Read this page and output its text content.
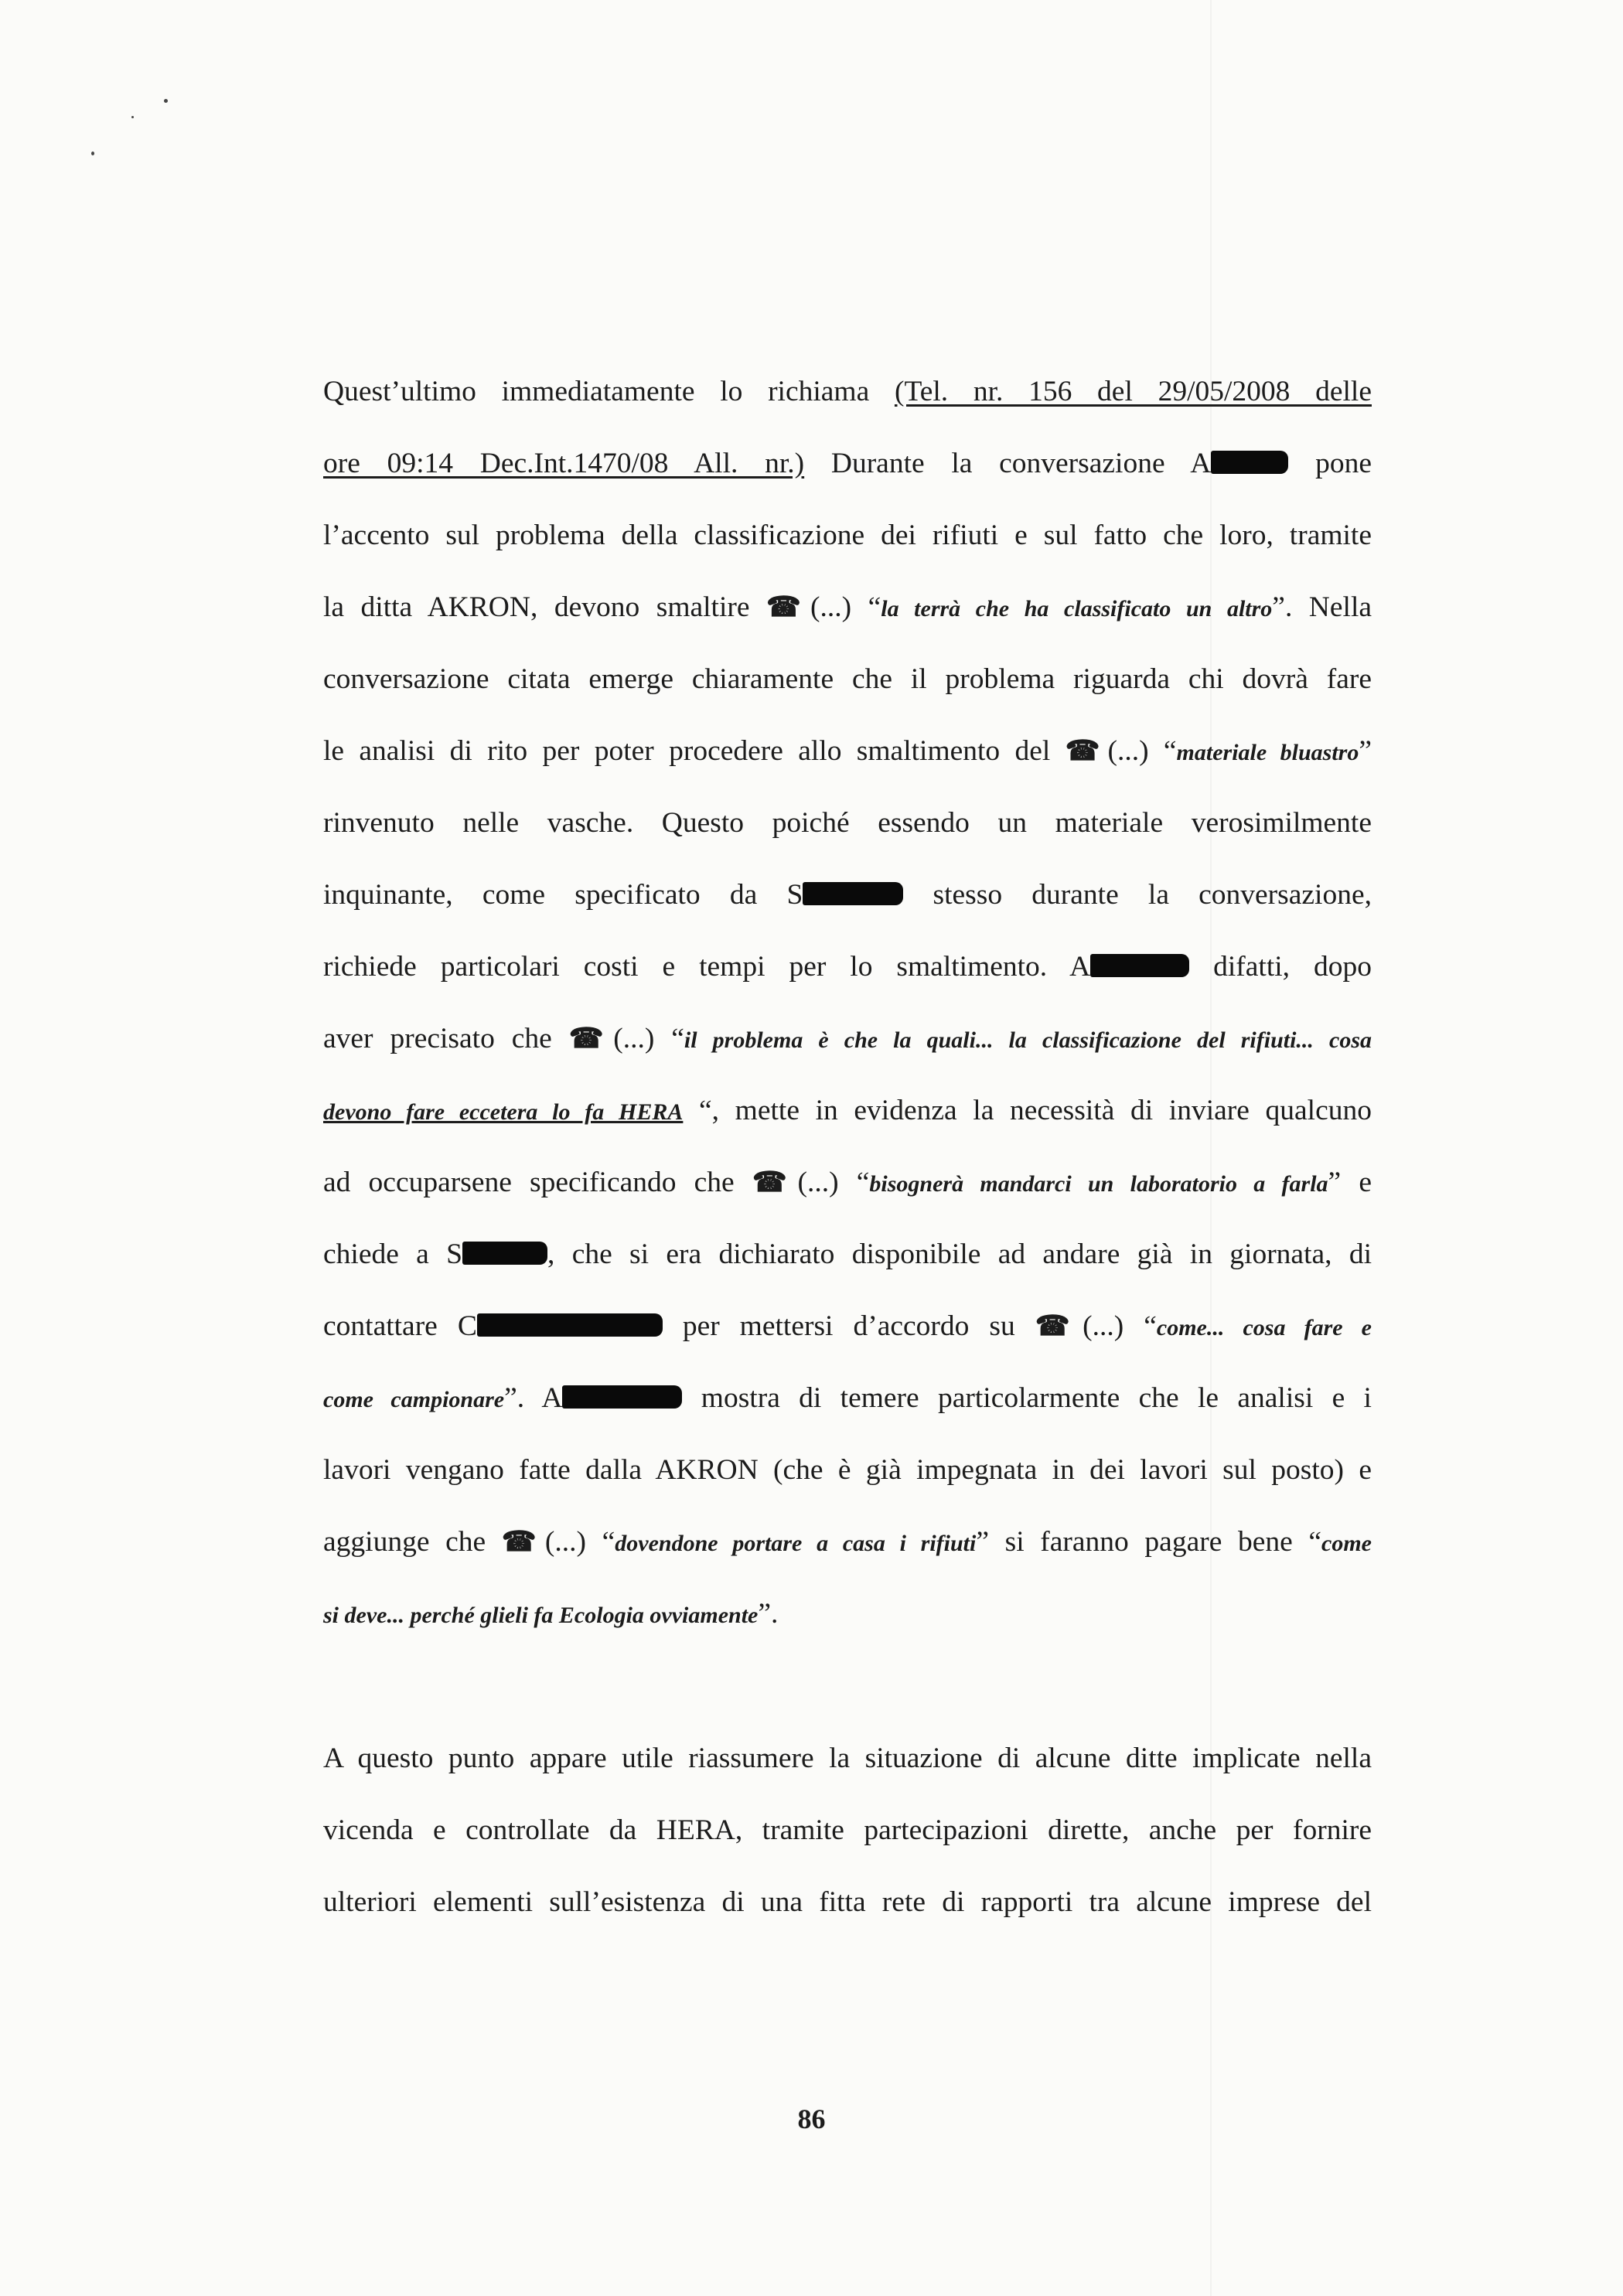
Quest’ultimo immediatamente lo richiama (Tel. nr. 156 del 29/05/2008 delle
ore 09:14 Dec.Int.1470/08 All. nr.) Durante la conversazione A	pone
l’accento sul problema della classificazione dei rifiuti e sul fatto che loro, tramite
la ditta AKRON, devono smaltire ☎(...) “la terrà che ha classificato un altro”. Nella
conversazione citata emerge chiaramente che il problema riguarda chi dovrà fare
le analisi di rito per poter procedere allo smaltimento del ☎(...) “materiale bluastro”
rinvenuto nelle vasche. Questo poiché essendo un materiale verosimilmente
inquinante, come specificato da S	stesso durante la conversazione,
richiede particolari costi e tempi per lo smaltimento. A	difatti, dopo
aver precisato che ☎(...) “il problema è che la quali... la classificazione del rifiuti... cosa
devono fare eccetera lo fa HERA “, mette in evidenza la necessità di inviare qualcuno
ad occuparsene specificando che ☎(...) “bisognerà mandarci un laboratorio a farla” e
chiede a S	, che si era dichiarato disponibile ad andare già in giornata, di
contattare C	per mettersi d’accordo su ☎(...) “come... cosa fare e
come campionare”. A	mostra di temere particolarmente che le analisi e i
lavori vengano fatte dalla AKRON (che è già impegnata in dei lavori sul posto) e
aggiunge che ☎(...) “dovendone portare a casa i rifiuti” si faranno pagare bene “come
si deve... perché glieli fa Ecologia ovviamente”.
A questo punto appare utile riassumere la situazione di alcune ditte implicate nella
vicenda e controllate da HERA, tramite partecipazioni dirette, anche per fornire
ulteriori elementi sull’esistenza di una fitta rete di rapporti tra alcune imprese del
86
